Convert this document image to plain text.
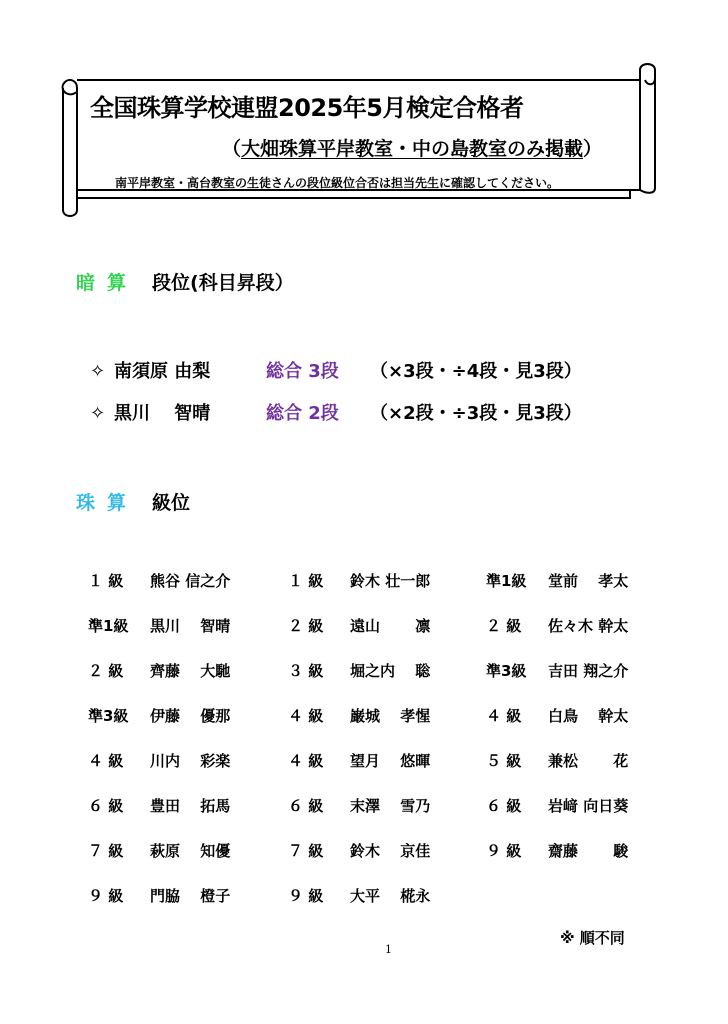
全国珠算学校連盟2025年5月検定合格者
（大畑珠算平岸教室・中の島教室のみ掲載）
南平岸教室・高台教室の生徒さんの段位級位合否は担当先生に確認してください。
暗 算 段位(科目昇段）
✧ 南須原 由梨	総合 3段 （×3段・÷4段・見3段）
✧ 黒川　 智晴	総合 2段 （×2段・÷3段・見3段）
珠 算 級位
１ 級 熊谷 信之介
準1級 黒川　 智晴
２ 級 齊藤　 大馳
準3級 伊藤　 優那
４ 級 川内　 彩楽
６ 級 豊田　 拓馬
７ 級 萩原　 知優
９ 級 門脇　 橙子
１ 級 鈴木 壮一郎
２ 級 遠山　　 凛
３ 級 堀之内　 聡
４ 級 巌城　 孝惺
４ 級 望月　 悠暉
６ 級 末澤　 雪乃
７ 級 鈴木　 京佳
９ 級 大平　 椛永
準1級 堂前　 孝太
２ 級 佐々木 幹太
準3級 吉田 翔之介
４ 級 白鳥　 幹太
５ 級 兼松　　 花
６ 級 岩﨑 向日葵
９ 級 齋藤　　 駿
※ 順不同
1
